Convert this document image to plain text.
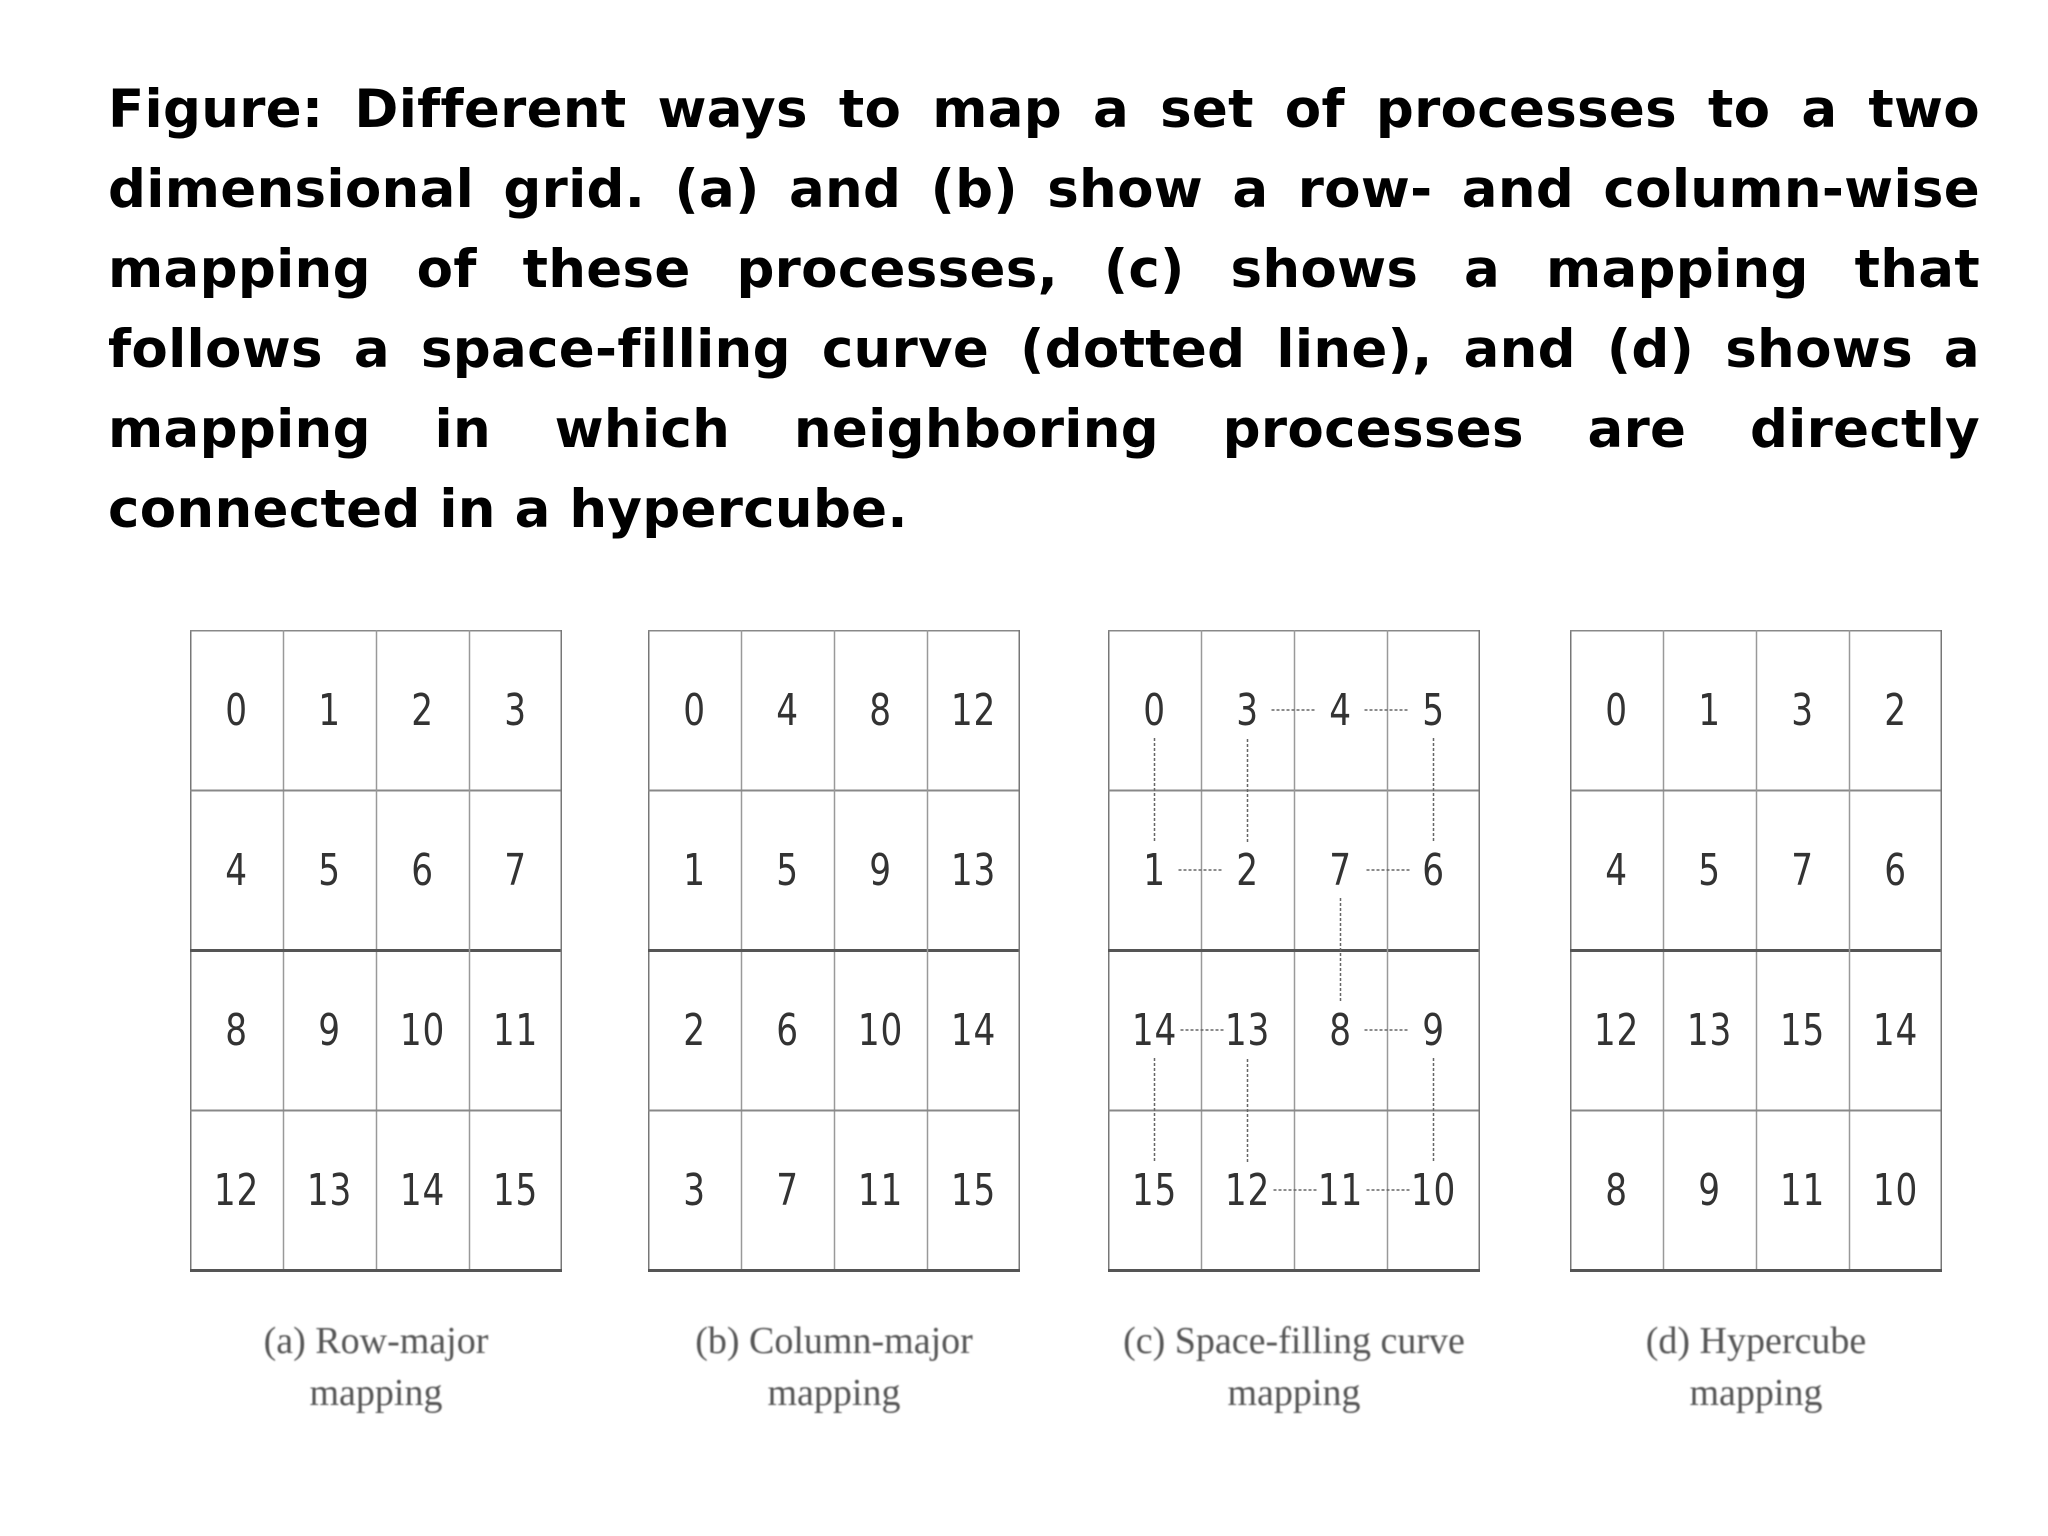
Figure: Different ways to map a set of processes to a two dimensional grid. (a) and (b) show a row- and column-wise mapping of these processes, (c) shows a mapping that follows a space-filling curve (dotted line), and (d) shows a mapping in which neighboring processes are directly connected in a hypercube.
0	1	2	3
4	5	6	7
8	9	10	11
12	13	14	15
(a) Row-major
mapping
0	4	8	12
1	5	9	13
2	6	10	14
3	7	11	15
(b) Column-major
mapping
0	3	4	5
1	2	7	6
14	13	8	9
15	12	11	10
(c) Space-filling curve
mapping
0	1	3	2
4	5	7	6
12	13	15	14
8	9	11	10
(d) Hypercube
mapping
